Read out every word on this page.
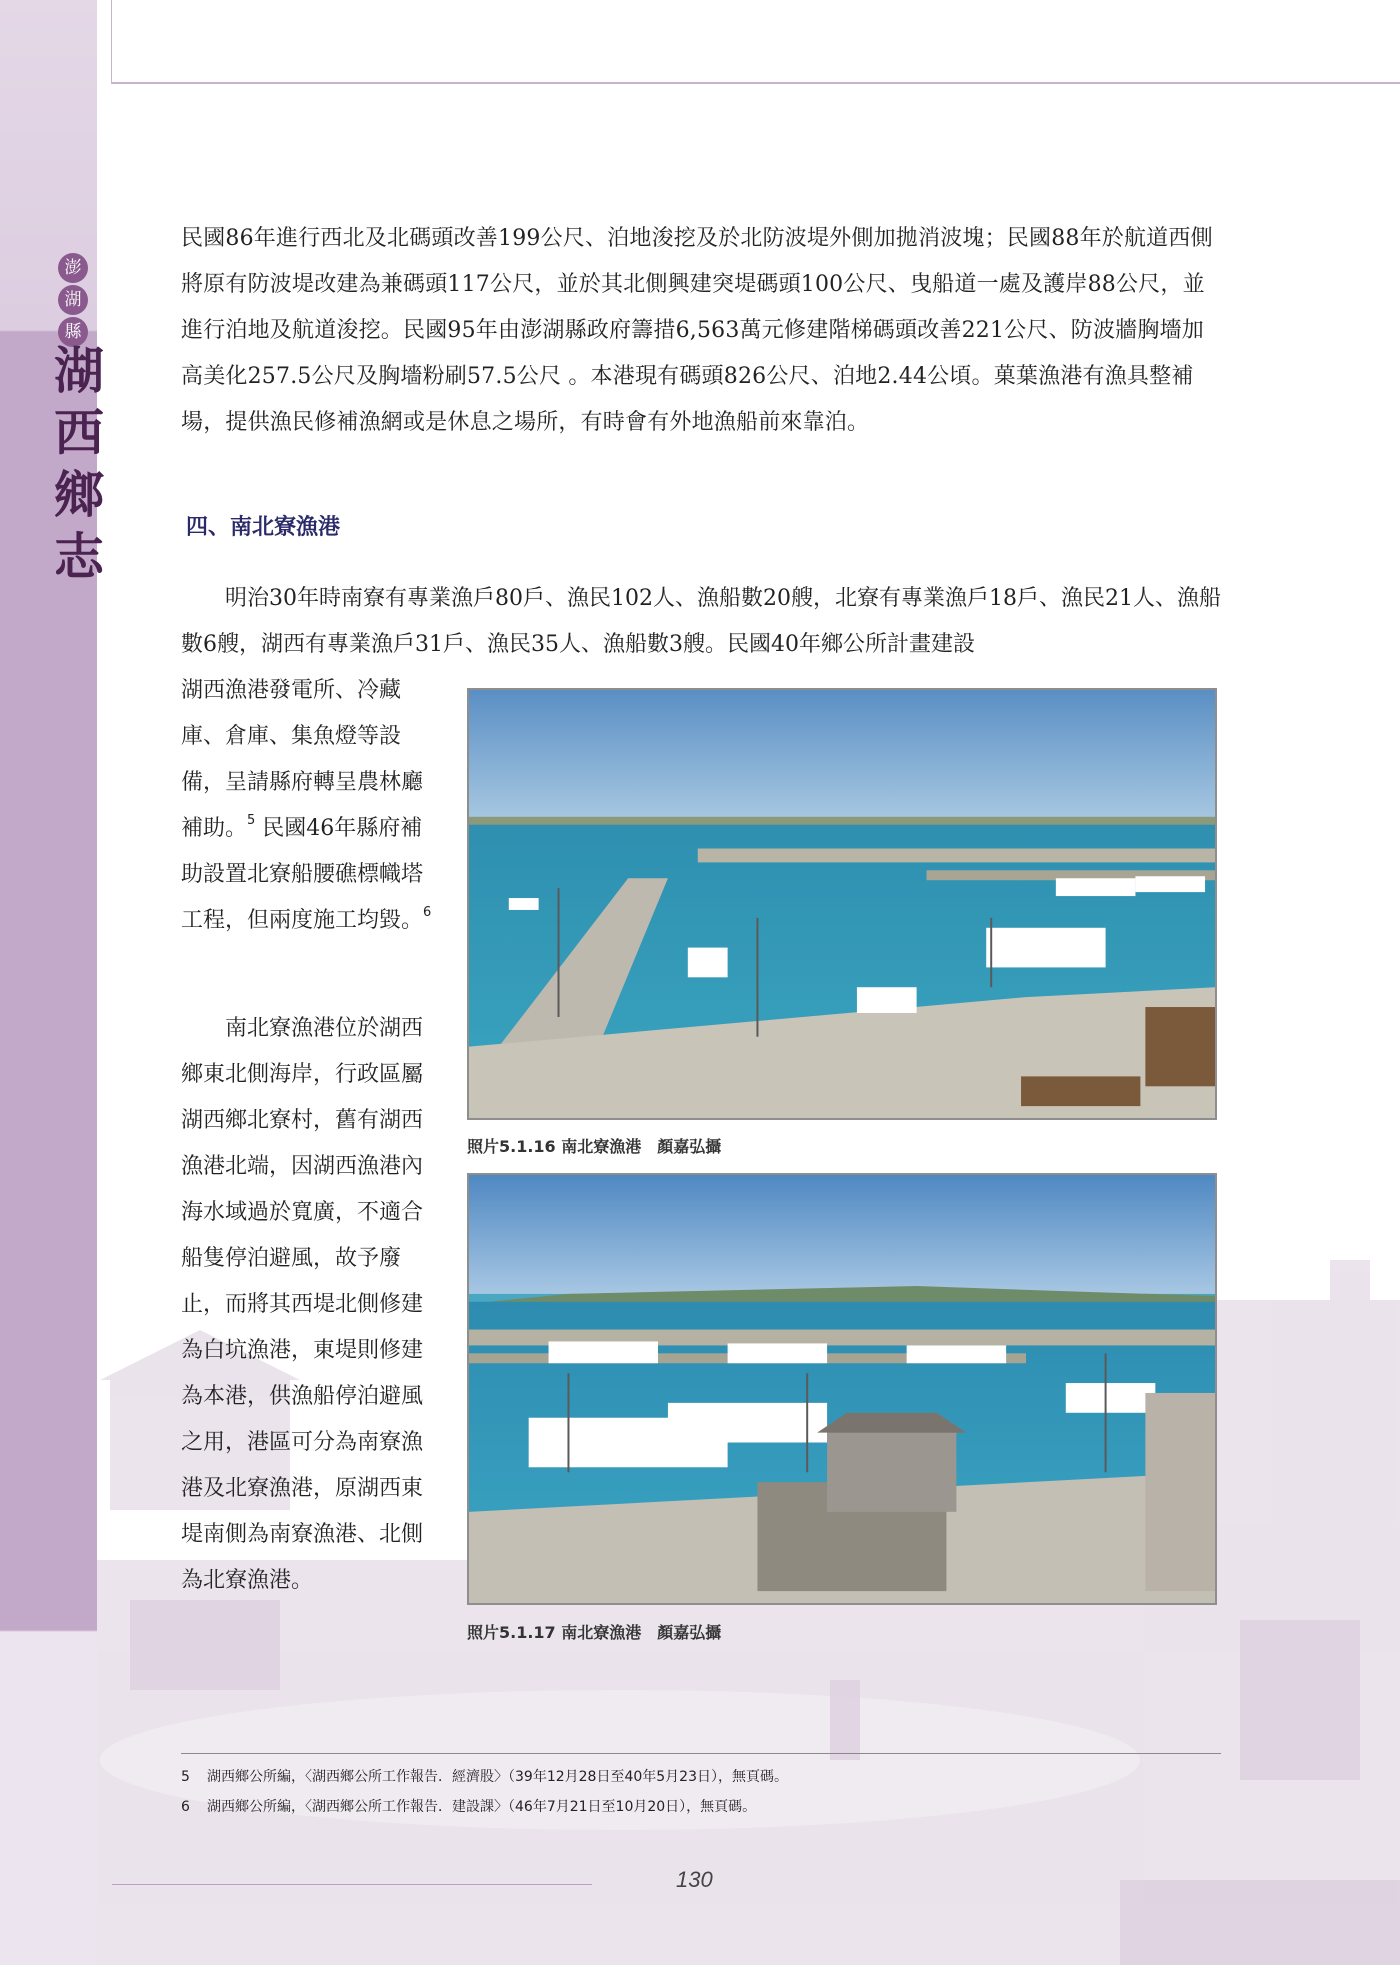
澎
湖
縣
湖
西
鄉
志
民國86年進行西北及北碼頭改善199公尺、泊地浚挖及於北防波堤外側加拋消波塊；民國88年於航道西側將原有防波堤改建為兼碼頭117公尺，並於其北側興建突堤碼頭100公尺、曳船道一處及護岸88公尺，並進行泊地及航道浚挖。民國95年由澎湖縣政府籌措6,563萬元修建階梯碼頭改善221公尺、防波牆胸墻加高美化257.5公尺及胸墻粉刷57.5公尺 。本港現有碼頭826公尺、泊地2.44公頃。菓葉漁港有漁具整補場，提供漁民修補漁網或是休息之場所，有時會有外地漁船前來靠泊。
四、南北寮漁港
明治30年時南寮有專業漁戶80戶、漁民102人、漁船數20艘，北寮有專業漁戶18戶、漁民21人、漁船數6艘，湖西有專業漁戶31戶、漁民35人、漁船數3艘。民國40年鄉公所計畫建設
湖西漁港發電所、冷藏庫、倉庫、集魚燈等設備，呈請縣府轉呈農林廳補助。$^5$ 民國46年縣府補助設置北寮船腰礁標幟塔工程，但兩度施工均毀。$^6$
南北寮漁港位於湖西鄉東北側海岸，行政區屬湖西鄉北寮村，舊有湖西漁港北端，因湖西漁港內海水域過於寬廣，不適合船隻停泊避風，故予廢止，而將其西堤北側修建為白坑漁港，東堤則修建為本港，供漁船停泊避風之用，港區可分為南寮漁港及北寮漁港，原湖西東堤南側為南寮漁港、北側為北寮漁港。
照片5.1.16 南北寮漁港　顏嘉弘攝
照片5.1.17 南北寮漁港　顏嘉弘攝
5 湖西鄉公所編，〈湖西鄉公所工作報告．經濟股〉（39年12月28日至40年5月23日），無頁碼。
6 湖西鄉公所編，〈湖西鄉公所工作報告．建設課〉（46年7月21日至10月20日），無頁碼。
130
